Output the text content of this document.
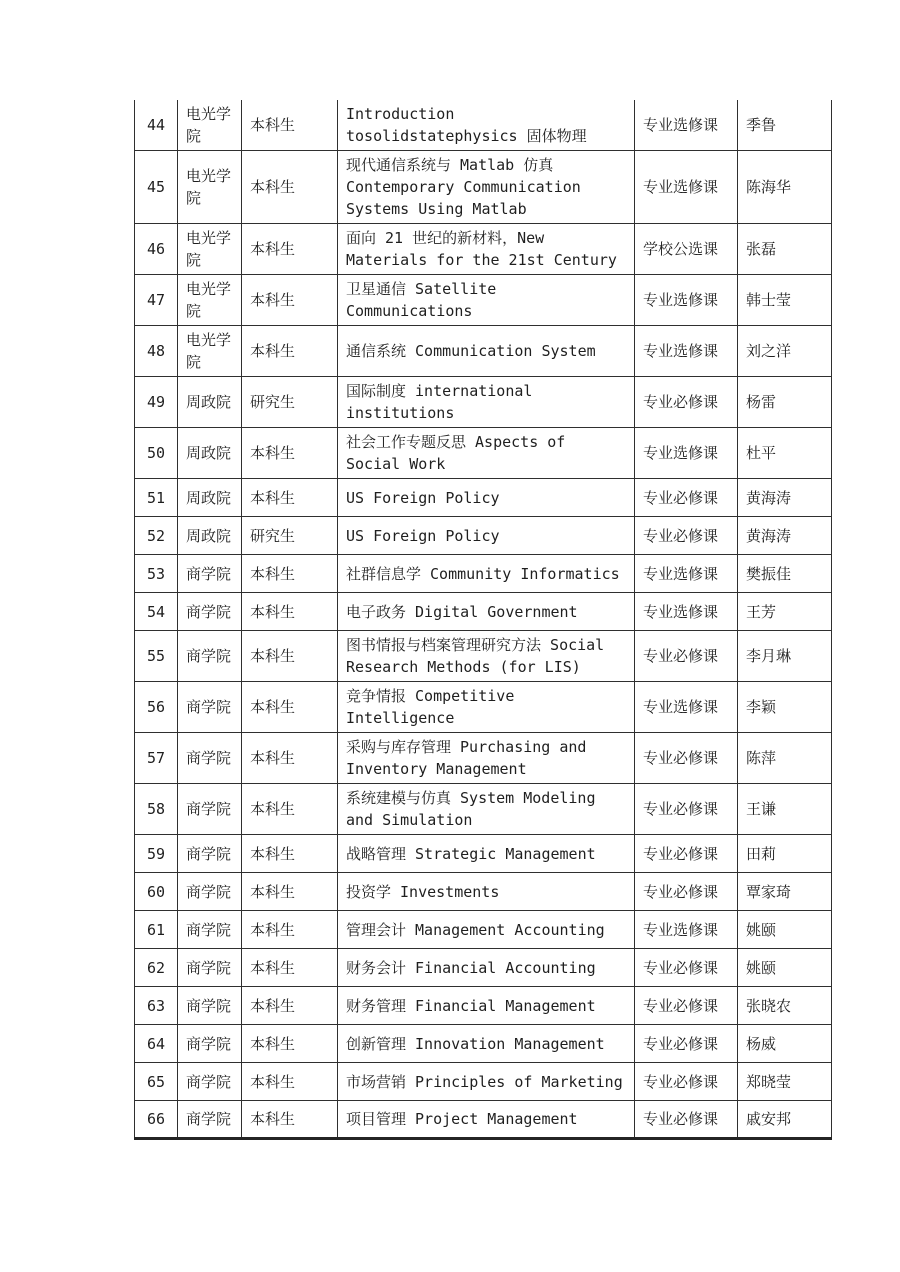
44	电光学院	本科生	Introduction tosolidstatephysics 固体物理	专业选修课	季鲁
45	电光学院	本科生	现代通信系统与 Matlab 仿真 Contemporary Communication Systems Using Matlab	专业选修课	陈海华
46	电光学院	本科生	面向 21 世纪的新材料，New Materials for the 21st Century	学校公选课	张磊
47	电光学院	本科生	卫星通信 Satellite Communications	专业选修课	韩士莹
48	电光学院	本科生	通信系统 Communication System	专业选修课	刘之洋
49	周政院	研究生	国际制度 international institutions	专业必修课	杨雷
50	周政院	本科生	社会工作专题反思 Aspects of Social Work	专业选修课	杜平
51	周政院	本科生	US Foreign Policy	专业必修课	黄海涛
52	周政院	研究生	US Foreign Policy	专业必修课	黄海涛
53	商学院	本科生	社群信息学 Community Informatics	专业选修课	樊振佳
54	商学院	本科生	电子政务 Digital Government	专业选修课	王芳
55	商学院	本科生	图书情报与档案管理研究方法 Social Research Methods (for LIS)	专业必修课	李月琳
56	商学院	本科生	竞争情报 Competitive Intelligence	专业选修课	李颖
57	商学院	本科生	采购与库存管理 Purchasing and Inventory Management	专业必修课	陈萍
58	商学院	本科生	系统建模与仿真 System Modeling and Simulation	专业必修课	王谦
59	商学院	本科生	战略管理 Strategic Management	专业必修课	田莉
60	商学院	本科生	投资学 Investments	专业必修课	覃家琦
61	商学院	本科生	管理会计 Management Accounting	专业选修课	姚颐
62	商学院	本科生	财务会计 Financial Accounting	专业必修课	姚颐
63	商学院	本科生	财务管理 Financial Management	专业必修课	张晓农
64	商学院	本科生	创新管理 Innovation Management	专业必修课	杨威
65	商学院	本科生	市场营销 Principles of Marketing	专业必修课	郑晓莹
66	商学院	本科生	项目管理 Project Management	专业必修课	戚安邦
